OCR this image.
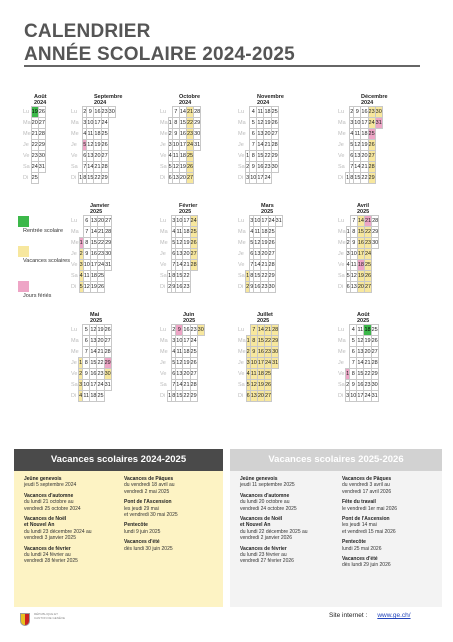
CALENDRIER
ANNÉE SCOLAIRE 2024-2025
Août 2024
Lu		19	26
Ma		20	27
Me		21	28
Je		22	29
Ve		23	30
Sa		24	31
Di		25	
Septembre 2024
Lu		2	9	16	23	30
Ma		3	10	17	24	
Me		4	11	18	25	
Je		5	12	19	26	
Ve		6	13	20	27	
Sa		7	14	21	28	
Di	1	8	15	22	29	
Octobre 2024
Lu		7	14	21	28
Ma	1	8	15	22	29
Me	2	9	16	23	30
Je	3	10	17	24	31
Ve	4	11	18	25	
Sa	5	12	19	26	
Di	6	13	20	27	
Novembre 2024
Lu		4	11	18	25
Ma		5	12	19	26
Me		6	13	20	27
Je		7	14	21	28
Ve	1	8	15	22	29
Sa	2	9	16	23	30
Di	3	10	17	24	
Décembre 2024
Lu		2	9	16	23	30
Ma		3	10	17	24	31
Me		4	11	18	25	
Je		5	12	19	26	
Ve		6	13	20	27	
Sa		7	14	21	28	
Di	1	8	15	22	29	
Janvier 2025
Lu		6	13	20	27
Ma		7	14	21	28
Me	1	8	15	22	29
Je	2	9	16	23	30
Ve	3	10	17	24	31
Sa	4	11	18	25	
Di	5	12	19	26	
Février 2025
Lu		3	10	17	24
Ma		4	11	18	25
Me		5	12	19	26
Je		6	13	20	27
Ve		7	14	21	28
Sa	1	8	15	22	
Di	2	9	16	23	
Mars 2025
Lu		3	10	17	24	31
Ma		4	11	18	25	
Me		5	12	19	26	
Je		6	13	20	27	
Ve		7	14	21	28	
Sa	1	8	15	22	29	
Di	2	9	16	23	30	
Avril 2025
Lu		7	14	21	28
Ma	1	8	15	22	29
Me	2	9	16	23	30
Je	3	10	17	24	
Ve	4	11	18	25	
Sa	5	12	19	26	
Di	6	13	20	27	
Mai 2025
Lu		5	12	19	26
Ma		6	13	20	27
Me		7	14	21	28
Je	1	8	15	22	29
Ve	2	9	16	23	30
Sa	3	10	17	24	31
Di	4	11	18	25	
Juin 2025
Lu		2	9	16	23	30
Ma		3	10	17	24	
Me		4	11	18	25	
Je		5	12	19	26	
Ve		6	13	20	27	
Sa		7	14	21	28	
Di	1	8	15	22	29	
Juillet 2025
Lu		7	14	21	28
Ma	1	8	15	22	29
Me	2	9	16	23	30
Je	3	10	17	24	31
Ve	4	11	18	25	
Sa	5	12	19	26	
Di	6	13	20	27	
Août 2025
Lu		4	11	18	25
Ma		5	12	19	26
Me		6	13	20	27
Je		7	14	21	28
Ve	1	8	15	22	29
Sa	2	9	16	23	30
Di	3	10	17	24	31
Rentrée scolaire
Vacances scolaires
Jours fériés
Vacances scolaires 2024-2025
Jeûne genevois
jeudi 5 septembre 2024
Vacances d'automne
du lundi 21 octobre au
vendredi 25 octobre 2024
Vacances de Noël
et Nouvel An
du lundi 23 décembre 2024 au
vendredi 3 janvier 2025
Vacances de février
du lundi 24 février au
vendredi 28 février 2025
Vacances de Pâques
du vendredi 18 avril au
vendredi 2 mai 2025
Pont de l'Ascension
les jeudi 29 mai
et vendredi 30 mai 2025
Pentecôte
lundi 9 juin 2025
Vacances d'été
dès lundi 30 juin 2025
Vacances scolaires 2025-2026
Jeûne genevois
jeudi 11 septembre 2025
Vacances d'automne
du lundi 20 octobre au
vendredi 24 octobre 2025
Vacances de Noël
et Nouvel An
du lundi 22 décembre 2025 au
vendredi 2 janvier 2026
Vacances de février
du lundi 23 février au
vendredi 27 février 2026
Vacances de Pâques
du vendredi 3 avril au
vendredi 17 avril 2026
Fête du travail
le vendredi 1er mai 2026
Pont de l'Ascension
les jeudi 14 mai
et vendredi 15 mai 2026
Pentecôte
lundi 25 mai 2026
Vacances d'été
dès lundi 29 juin 2026
RÉPUBLIQUE ET CANTON DE GENÈVE	Site internet : www.ge.ch/
